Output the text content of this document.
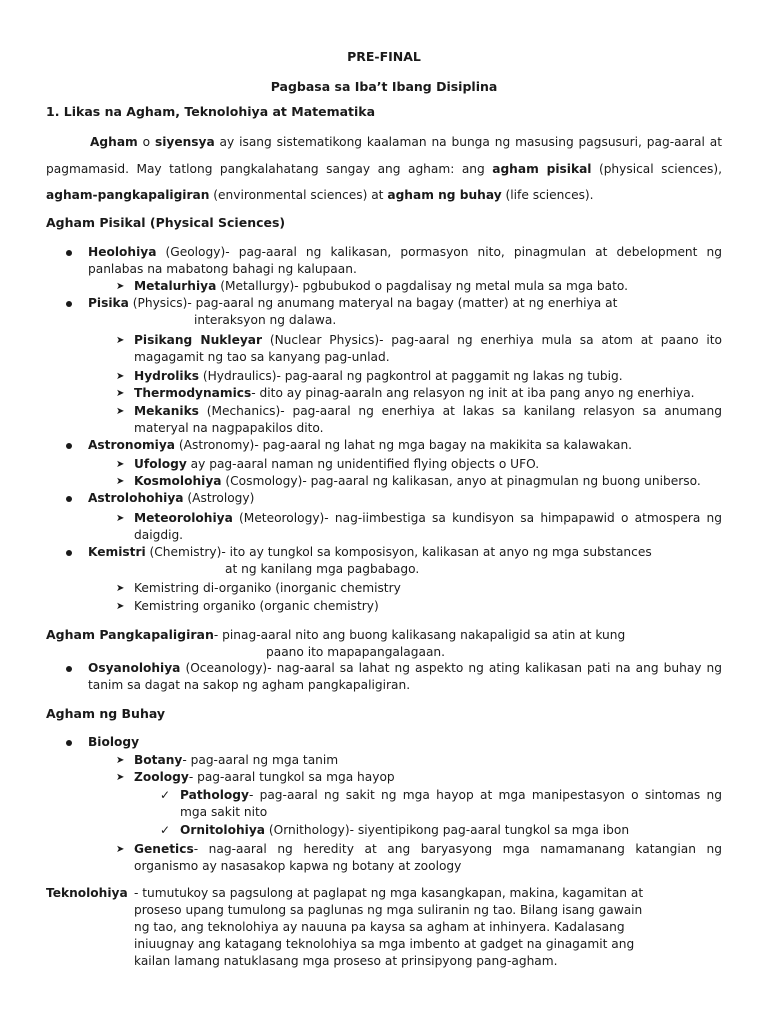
PRE-FINAL
Pagbasa sa Iba’t Ibang Disiplina
1. Likas na Agham, Teknolohiya at Matematika
Agham o siyensya ay isang sistematikong kaalaman na bunga ng masusing pagsusuri, pag-aaral at pagmamasid. May tatlong pangkalahatang sangay ang agham: ang agham pisikal (physical sciences), agham-pangkapaligiran (environmental sciences) at agham ng buhay (life sciences).
Agham Pisikal (Physical Sciences)
Heolohiya (Geology)- pag-aaral ng kalikasan, pormasyon nito, pinagmulan at debelopment ng panlabas na mabatong bahagi ng kalupaan.
➤ Metalurhiya (Metallurgy)- pgbubukod o pagdalisay ng metal mula sa mga bato.
Pisika (Physics)- pag-aaral ng anumang materyal na bagay (matter) at ng enerhiya at
interaksyon ng dalawa.
➤ Pisikang Nukleyar (Nuclear Physics)- pag-aaral ng enerhiya mula sa atom at paano ito magagamit ng tao sa kanyang pag-unlad.
➤ Hydroliks (Hydraulics)- pag-aaral ng pagkontrol at paggamit ng lakas ng tubig.
➤ Thermodynamics- dito ay pinag-aaraln ang relasyon ng init at iba pang anyo ng enerhiya.
➤ Mekaniks (Mechanics)- pag-aaral ng enerhiya at lakas sa kanilang relasyon sa anumang materyal na nagpapakilos dito.
Astronomiya (Astronomy)- pag-aaral ng lahat ng mga bagay na makikita sa kalawakan.
➤ Ufology ay pag-aaral naman ng unidentified flying objects o UFO.
➤ Kosmolohiya (Cosmology)- pag-aaral ng kalikasan, anyo at pinagmulan ng buong uniberso.
Astrolohohiya (Astrology)
➤ Meteorolohiya (Meteorology)- nag-iimbestiga sa kundisyon sa himpapawid o atmospera ng daigdig.
Kemistri (Chemistry)- ito ay tungkol sa komposisyon, kalikasan at anyo ng mga substances
at ng kanilang mga pagbabago.
➤ Kemistring di-organiko (inorganic chemistry
➤ Kemistring organiko (organic chemistry)
Agham Pangkapaligiran- pinag-aaral nito ang buong kalikasang nakapaligid sa atin at kung
paano ito mapapangalagaan.
Osyanolohiya (Oceanology)- nag-aaral sa lahat ng aspekto ng ating kalikasan pati na ang buhay ng tanim sa dagat na sakop ng agham pangkapaligiran.
Agham ng Buhay
Biology
➤ Botany- pag-aaral ng mga tanim
➤ Zoology- pag-aaral tungkol sa mga hayop
✓ Pathology- pag-aaral ng sakit ng mga hayop at mga manipestasyon o sintomas ng mga sakit nito
✓ Ornitolohiya (Ornithology)- siyentipikong pag-aaral tungkol sa mga ibon
➤ Genetics- nag-aaral ng heredity at ang baryasyong mga namamanang katangian ng organismo ay nasasakop kapwa ng botany at zoology
Teknolohiya - tumutukoy sa pagsulong at paglapat ng mga kasangkapan, makina, kagamitan at proseso upang tumulong sa paglunas ng mga suliranin ng tao. Bilang isang gawain ng tao, ang teknolohiya ay nauuna pa kaysa sa agham at inhinyera. Kadalasang iniuugnay ang katagang teknolohiya sa mga imbento at gadget na ginagamit ang kailan lamang natuklasang mga proseso at prinsipyong pang-agham.
